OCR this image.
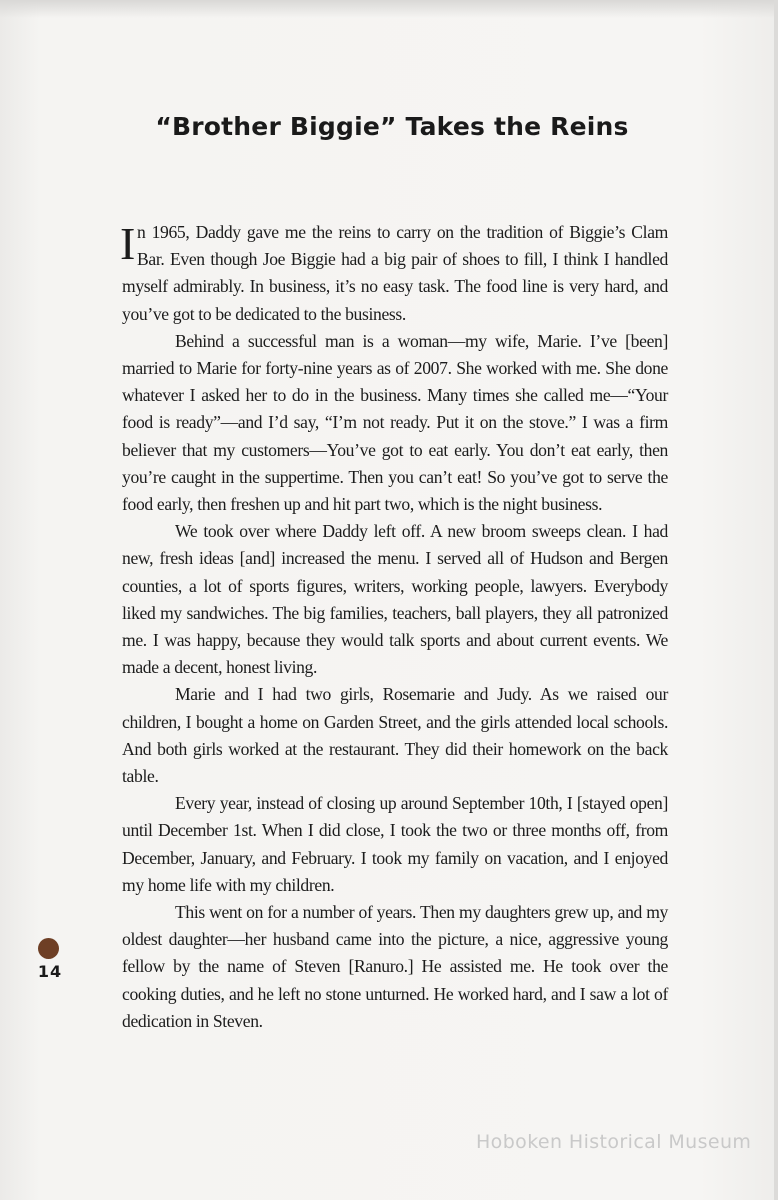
“Brother Biggie” Takes the Reins

In 1965, Daddy gave me the reins to carry on the tradition of Biggie’s Clam Bar. Even though Joe Biggie had a big pair of shoes to fill, I think I handled myself admirably. In business, it’s no easy task. The food line is very hard, and you’ve got to be dedicated to the business.

Behind a successful man is a woman—my wife, Marie. I’ve [been] married to Marie for forty-nine years as of 2007. She worked with me. She done whatever I asked her to do in the business. Many times she called me—“Your food is ready”—and I’d say, “I’m not ready. Put it on the stove.” I was a firm believer that my customers—You’ve got to eat early. You don’t eat early, then you’re caught in the suppertime. Then you can’t eat! So you’ve got to serve the food early, then freshen up and hit part two, which is the night business.

We took over where Daddy left off. A new broom sweeps clean. I had new, fresh ideas [and] increased the menu. I served all of Hudson and Bergen counties, a lot of sports figures, writers, working people, lawyers. Everybody liked my sandwiches. The big families, teachers, ball players, they all patronized me. I was happy, because they would talk sports and about current events. We made a decent, honest living.

Marie and I had two girls, Rosemarie and Judy. As we raised our children, I bought a home on Garden Street, and the girls attended local schools. And both girls worked at the restaurant. They did their homework on the back table.

Every year, instead of closing up around September 10th, I [stayed open] until December 1st. When I did close, I took the two or three months off, from December, January, and February. I took my family on vacation, and I enjoyed my home life with my children.

This went on for a number of years. Then my daughters grew up, and my oldest daughter—her husband came into the picture, a nice, aggressive young fellow by the name of Steven [Ranuro.] He assisted me. He took over the cooking duties, and he left no stone unturned. He worked hard, and I saw a lot of dedication in Steven.

14
Hoboken Historical Museum
